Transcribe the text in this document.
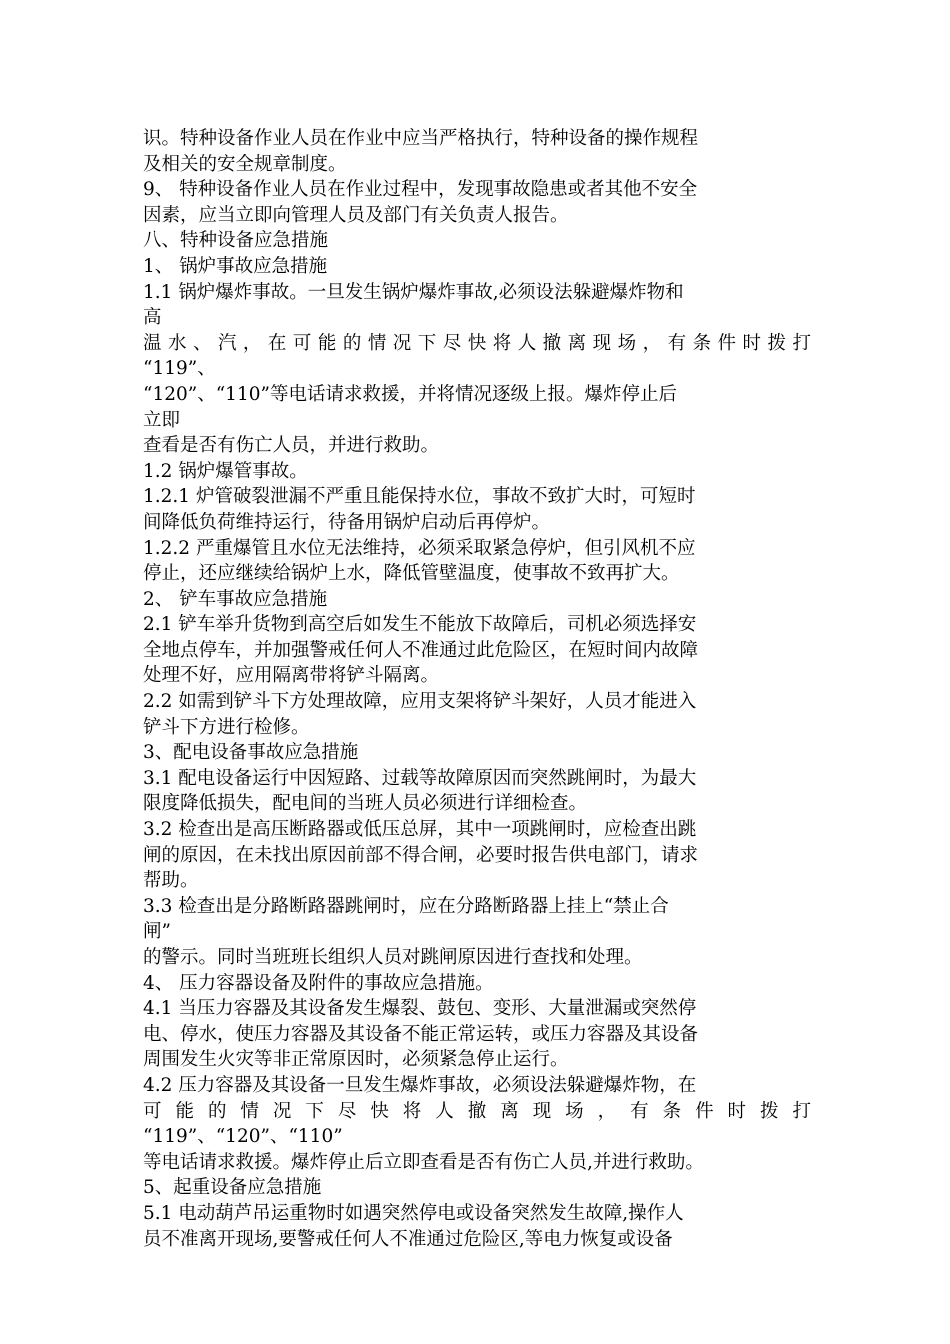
识。特种设备作业人员在作业中应当严格执行，特种设备的操作规程
及相关的安全规章制度。
9、 特种设备作业人员在作业过程中，发现事故隐患或者其他不安全
因素，应当立即向管理人员及部门有关负责人报告。
八、特种设备应急措施
1、 锅炉事故应急措施
1.1 锅炉爆炸事故。一旦发生锅炉爆炸事故,必须设法躲避爆炸物和
高
温水、汽，在可能的情况下尽快将人撤离现场，有条件时拨打
“119”、
“120”、“110”等电话请求救援，并将情况逐级上报。爆炸停止后
立即
查看是否有伤亡人员，并进行救助。
1.2 锅炉爆管事故。
1.2.1 炉管破裂泄漏不严重且能保持水位，事故不致扩大时，可短时
间降低负荷维持运行，待备用锅炉启动后再停炉。
1.2.2 严重爆管且水位无法维持，必须采取紧急停炉，但引风机不应
停止，还应继续给锅炉上水，降低管壁温度，使事故不致再扩大。
2、 铲车事故应急措施
2.1 铲车举升货物到高空后如发生不能放下故障后，司机必须选择安
全地点停车，并加强警戒任何人不准通过此危险区，在短时间内故障
处理不好，应用隔离带将铲斗隔离。
2.2 如需到铲斗下方处理故障，应用支架将铲斗架好，人员才能进入
铲斗下方进行检修。
3、配电设备事故应急措施
3.1 配电设备运行中因短路、过载等故障原因而突然跳闸时，为最大
限度降低损失，配电间的当班人员必须进行详细检查。
3.2 检查出是高压断路器或低压总屏，其中一项跳闸时，应检查出跳
闸的原因，在未找出原因前部不得合闸，必要时报告供电部门，请求
帮助。
3.3 检查出是分路断路器跳闸时，应在分路断路器上挂上“禁止合
闸”
的警示。同时当班班长组织人员对跳闸原因进行查找和处理。
4、 压力容器设备及附件的事故应急措施。
4.1 当压力容器及其设备发生爆裂、鼓包、变形、大量泄漏或突然停
电、停水，使压力容器及其设备不能正常运转，或压力容器及其设备
周围发生火灾等非正常原因时，必须紧急停止运行。
4.2 压力容器及其设备一旦发生爆炸事故，必须设法躲避爆炸物，在
可能的情况下尽快将人撤离现场，有条件时拨打
“119”、“120”、“110”
等电话请求救援。爆炸停止后立即查看是否有伤亡人员,并进行救助。
5、起重设备应急措施
5.1 电动葫芦吊运重物时如遇突然停电或设备突然发生故障,操作人
员不准离开现场,要警戒任何人不准通过危险区,等电力恢复或设备
